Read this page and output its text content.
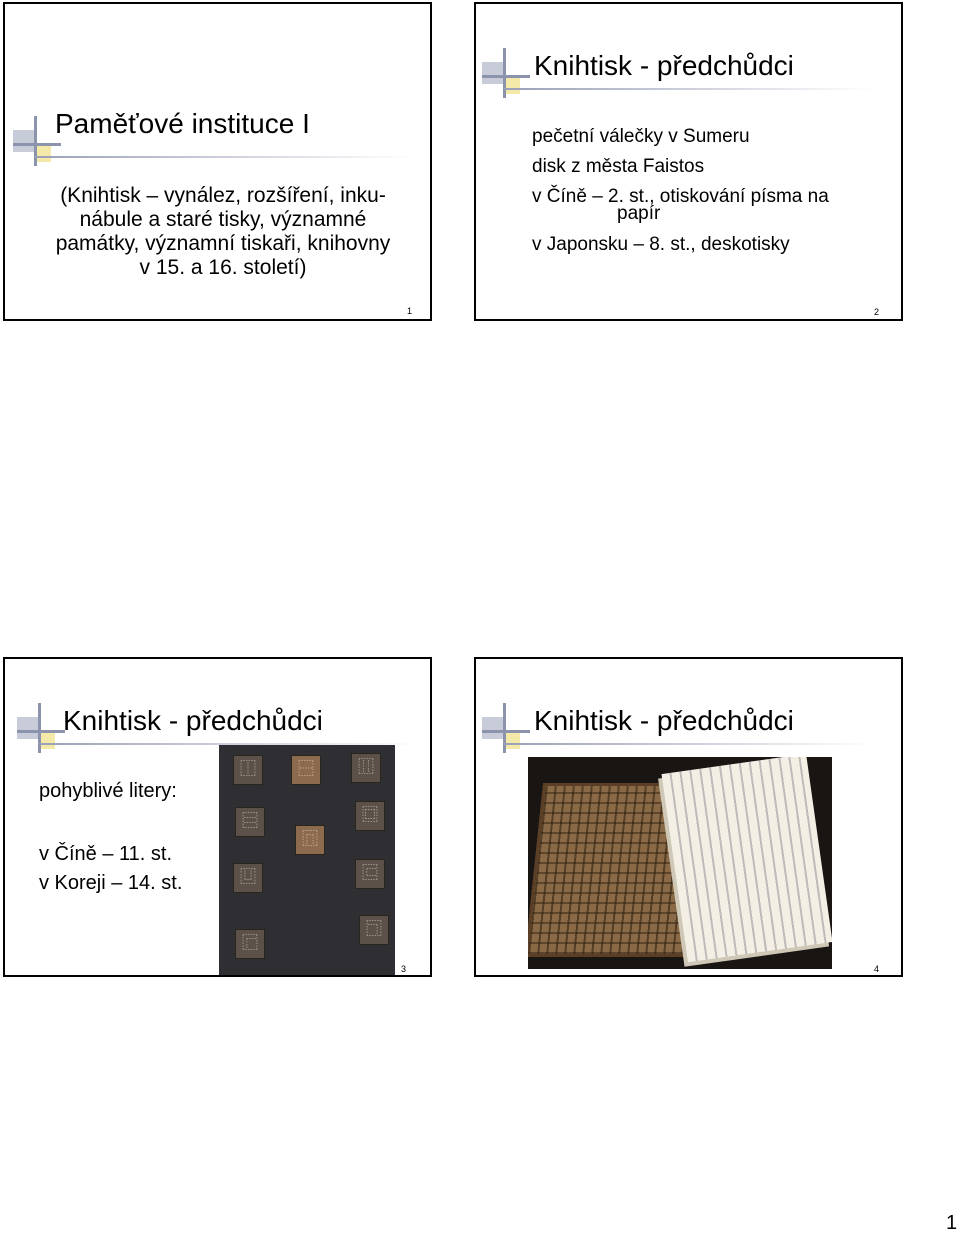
Paměťové instituce I
(Knihtisk – vynález, rozšíření, inku-
nábule a staré tisky, významné
památky, významní tiskaři, knihovny
v 15. a 16. století)
1
Knihtisk - předchůdci
pečetní válečky v Sumeru
disk z města Faistos
v Číně – 2. st., otiskování písma na
papír
v Japonsku – 8. st., deskotisky
2
Knihtisk - předchůdci
pohyblivé litery:
v Číně – 11. st.
v Koreji – 14. st.
⿰	⿱	⿲
⿳	⿴
⿵
⿶	⿷
⿸
⿹
3
Knihtisk - předchůdci
4
1
